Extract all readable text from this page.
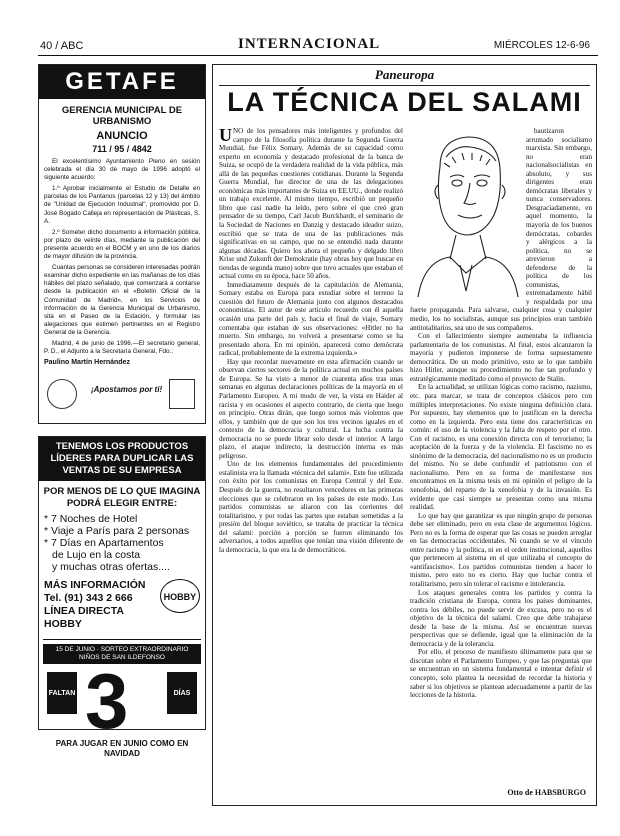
40 / ABC	INTERNACIONAL	MIÉRCOLES 12-6-96
GETAFE
GERENCIA MUNICIPAL DE URBANISMO
ANUNCIO
711 / 95 / 4842

El excelentísimo Ayuntamiento Pleno en sesión celebrada el día 30 de mayo de 1996 adoptó el siguiente acuerdo:

1.º Aprobar inicialmente el Estudio de Detalle en parcelas de los Pantanos (parcelas 12 y 13) del ámbito de "Unidad de Ejecución Industrial", promovido por D. José Bogado Calleja en representación de Plásticas, S. A.

2.º Someter dicho documento a información pública, por plazo de veinte días, mediante la publicación del presente acuerdo en el BOCM y en uno de los diarios de mayor difusión de la provincia.

Cuantas personas se consideren interesadas podrán examinar dicho expediente en las mañanas de los días hábiles del plazo señalado, que comenzará a contarse desde la publicación en el «Boletín Oficial de la Comunidad de Madrid», en los Servicios de Información de la Gerencia Municipal de Urbanismo, sita en el Paseo de la Estación, y formular las alegaciones que estimen pertinentes en el Registro General de la Gerencia.

Madrid, 4 de junio de 1996.—El secretario general, P. D., el Adjunto a la Secretaría General, Fdo.:

Paulino Martín Hernández
¡Apostamos por ti!
TENEMOS LOS PRODUCTOS LÍDERES PARA DUPLICAR LAS VENTAS DE SU EMPRESA
POR MENOS DE LO QUE IMAGINA PODRÁ ELEGIR ENTRE:
* 7 Noches de Hotel
* Viaje a París para 2 personas
* 7 Días en Apartamentos
de Lujo en la costa
y muchas otras ofertas....
MÁS INFORMACIÓN
Tel. (91) 343 2 666
LÍNEA DIRECTA HOBBY
HOBBY
15 DE JUNIO · SORTEO EXTRAORDINARIO NIÑOS DE SAN ILDEFONSO
FALTAN 3	DÍAS
PARA JUGAR EN JUNIO COMO EN NAVIDAD
Paneuropa
LA TÉCNICA DEL SALAMI

UNO de los pensadores más inteligentes y profundos del campo de la filosofía política durante la Segunda Guerra Mundial, fue Félix Somary. Además de su capacidad como experto en economía y destacado profesional de la banca de Suiza, se ocupó de la verdadera realidad de la vida pública, más allá de las pequeñas cuestiones cotidianas. Durante la Segunda Guerra Mundial, fue director de una de las delegaciones económicas más importantes de Suiza en EE.UU., donde realizó un trabajo excelente. Al mismo tiempo, escribió un pequeño libro que casi nadie ha leído, pero sobre el que creó gran pensador de su tiempo, Carl Jacob Burckhardt, el seminario de la Sociedad de Naciones en Danzig y destacado ideador suizo, escribió que se trata de una de las publicaciones más significativas en su campo, que no se entendió nada durante algunas décadas. Quiero los ahora el pequeño y delgado libro Krise und Zukunft der Demokratie (hay obras hoy que buscar en tiendas de segunda mano) sobre que tuvo actuales que estaban el actual como en su época, hace 50 años.

Inmediatamente después de la capitulación de Alemania, Somary estaba en Europa para estudiar sobre el terreno la cuestión del futuro de Alemania junto con algunos destacados economistas. El autor de este artículo recuerdo con él aquella ocasión una parte del país y, hacia el final de viaje, Somary comentaba que estaban de sus observaciones: «Hitler no ha muerto. Sin embargo, no volverá a presentarse como se ha presentado ahora. En mi opinión, aparecerá como demócrata radical, probablemente de la extrema izquierda.»

Hay que recordar nuevamente en esta afirmación cuando se observan ciertos sectores de la política actual en muchos países de Europa. Se ha visto a menor de cuarenta años tras unas semanas en algunas declaraciones políticas de la mayoría en el Parlamento Europeo. A mi modo de ver, la vista en Haider al racista y en ocasiones el aspecto contrario, de cierta que luego en principio. Otras dirán, que luego somos más violentos que ellos, y también que de que son los tres vecinos iguales en el contexto de la democracia y cultural. La lucha contra la democracia no se puede librar solo desde el interior. A largo plazo, el ataque indirecto, la destrucción interna es más peligroso.

Uno de los elementos fundamentales del procedimiento estalinista era la llamada «técnica del salami». Este fue utilizada con éxito por los comunistas en Europa Central y del Este. Después de la guerra, no resultaron vencedores en las primeras elecciones que se celebraron en los países de este modo. Los partidos comunistas se aliaron con las corrientes del totalitarismo, y por todas las partes que estaban sometidas a la presión del bloque soviético, se trataba de practicar la técnica del salami: porción a porción se fueron eliminando los adversarios, a todos aquellos que tenían una visión diferente de la democracia, la que era la de democráticos.

bautizaron arrumado socialismo marxista. Sin embargo, no eran nacionalsocialistas en absoluto, y sus dirigentes eran demócratas liberales y nunca conservadores. Desgraciadamente, en aquel momento, la mayoría de los buenos demócratas, cobardes y alérgicos a la política, no se atrevieron a defenderse de la política de los comunistas, extremadamente hábil y respaldada por una fuerte propaganda. Para salvarse, cualquier cosa y cualquier medio, los no socialistas, aunque sus principios eran también antitotalitarios, sea uno de sus compañeros.

Con el fallecimiento siempre aumentaba la influencia parlamentaria de los comunistas. Al final, estos alcanzaron la mayoría y pudieron imponerse de forma supuestamente democrática. De un modo primitivo, esto se lo que también hizo Hitler, aunque su procedimiento no fue tan profundo y estratégicamente meditado como el proyecto de Stalin.

En la actualidad, se utilizan lógicas como racismo, nazismo, etc. para marcar, se trata de conceptos clásicos pero con múltiples interpretaciones. No existe ninguna definición clara. Por supuesto, hay elementos que lo justifican en la derecha como en la izquierda. Pero esta tiene dos características en común: el uso de la violencia y la falta de respeto por el otro. Con el racismo, es una conexión directa con el terrorismo; la aceptación de la fuerza y de la violencia. El fascismo no es sinónimo de la democracia, del nacionalismo no es un producto del mismo. No se debe confundir el patriotismo con el nacionalismo. Pero en su forma de manifestarse nos encontramos en la misma tesis en mi opinión el peligro de la xenofobia, del reparto de la xenofobia y de la invasión. Es evidente que casi siempre se presentan como una misma realidad.

Lo que hay que garantizar es que ningún grupo de personas debe ser eliminado, pero en esta clase de argumentos lógicos. Pero no es la forma de esperar que las cosas se pueden arreglar en las democracias occidentales. Ni cuando se ve el vínculo entre racismo y la política, ni en el orden institucional, aquellos que pertenecen al sistema en el que utilizaba el concepto de «antifascismo». Los partidos comunistas tienden a hacer lo mismo, pero esto no es cierto. Hay que luchar contra el totalitarismo, pero sin tolerar el racismo e intolerancia.

Los ataques generales contra los partidos y contra la tradición cristiana de Europa, contra los países dominantes, contra los débiles, no puede servir de excusa, pero no es el objetivo de la técnica del salami. Creo que debe trabajarse desde la base de la misma. Así se encuentran nuevas perspectivas que se defiende, igual que la eliminación de la democracia y de la tolerancia.

Por ello, el proceso de manifiesto últimamente para que se discutan sobre el Parlamento Europeo, y que las preguntas que se encuentran en un sistema fundamental e intentar definir el concepto, solo plantea la necesidad de recordar la historia y saber si los objetivos se plantean adecuadamente a partir de las lecciones de la historia.

Otto de HABSBURGO
